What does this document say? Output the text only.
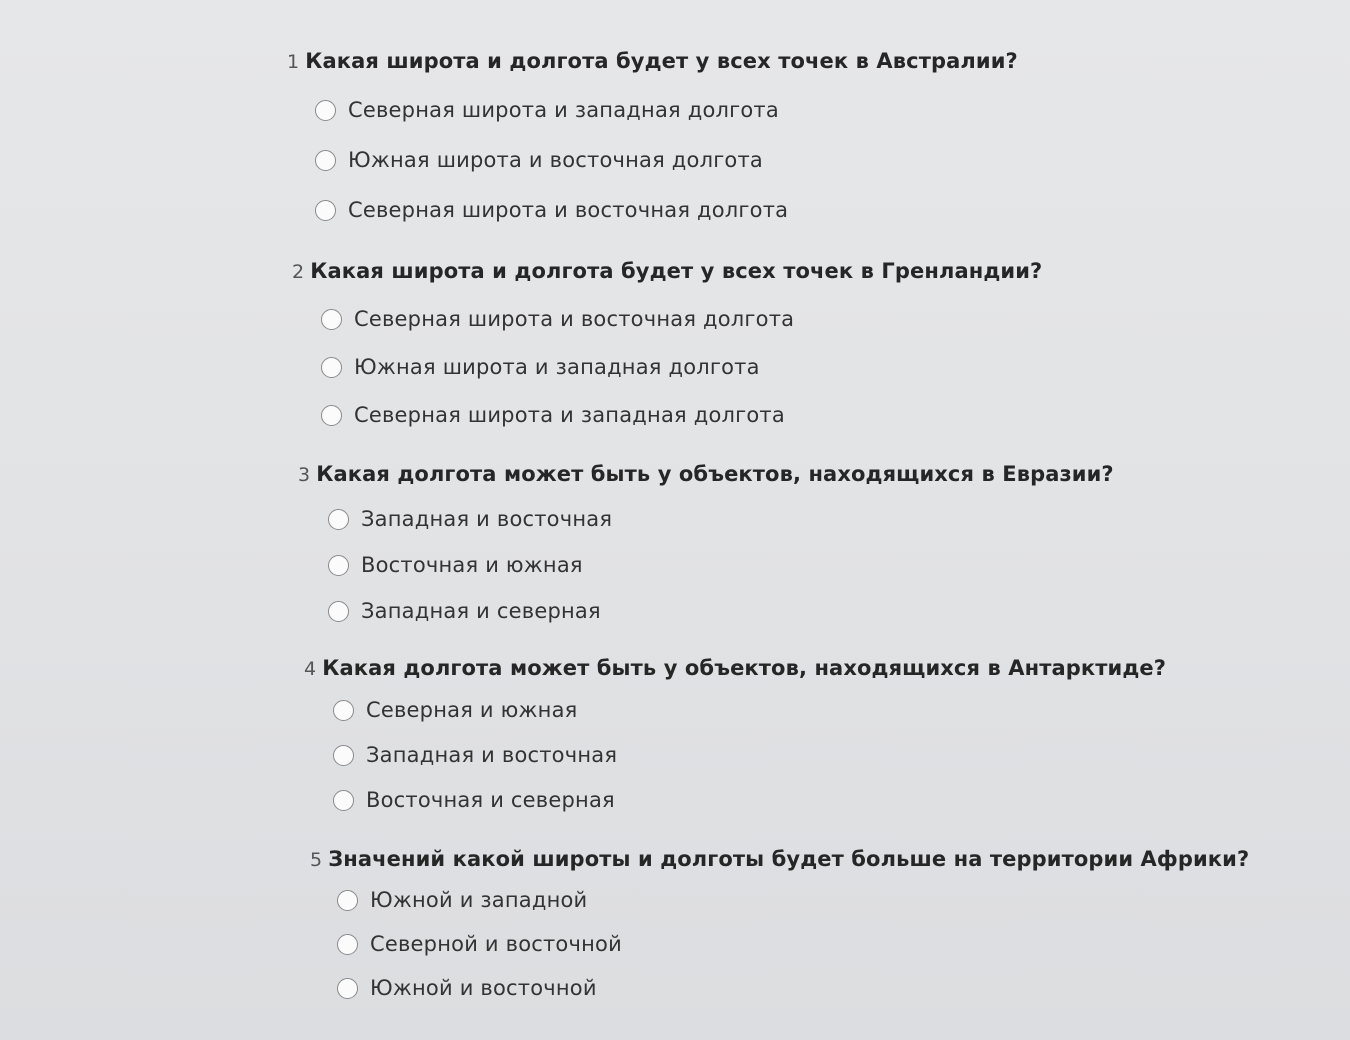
1 Какая широта и долгота будет у всех точек в Австралии?
Северная широта и западная долгота
Южная широта и восточная долгота
Северная широта и восточная долгота
2 Какая широта и долгота будет у всех точек в Гренландии?
Северная широта и восточная долгота
Южная широта и западная долгота
Северная широта и западная долгота
3 Какая долгота может быть у объектов, находящихся в Евразии?
Западная и восточная
Восточная и южная
Западная и северная
4 Какая долгота может быть у объектов, находящихся в Антарктиде?
Северная и южная
Западная и восточная
Восточная и северная
5 Значений какой широты и долготы будет больше на территории Африки?
Южной и западной
Северной и восточной
Южной и восточной
